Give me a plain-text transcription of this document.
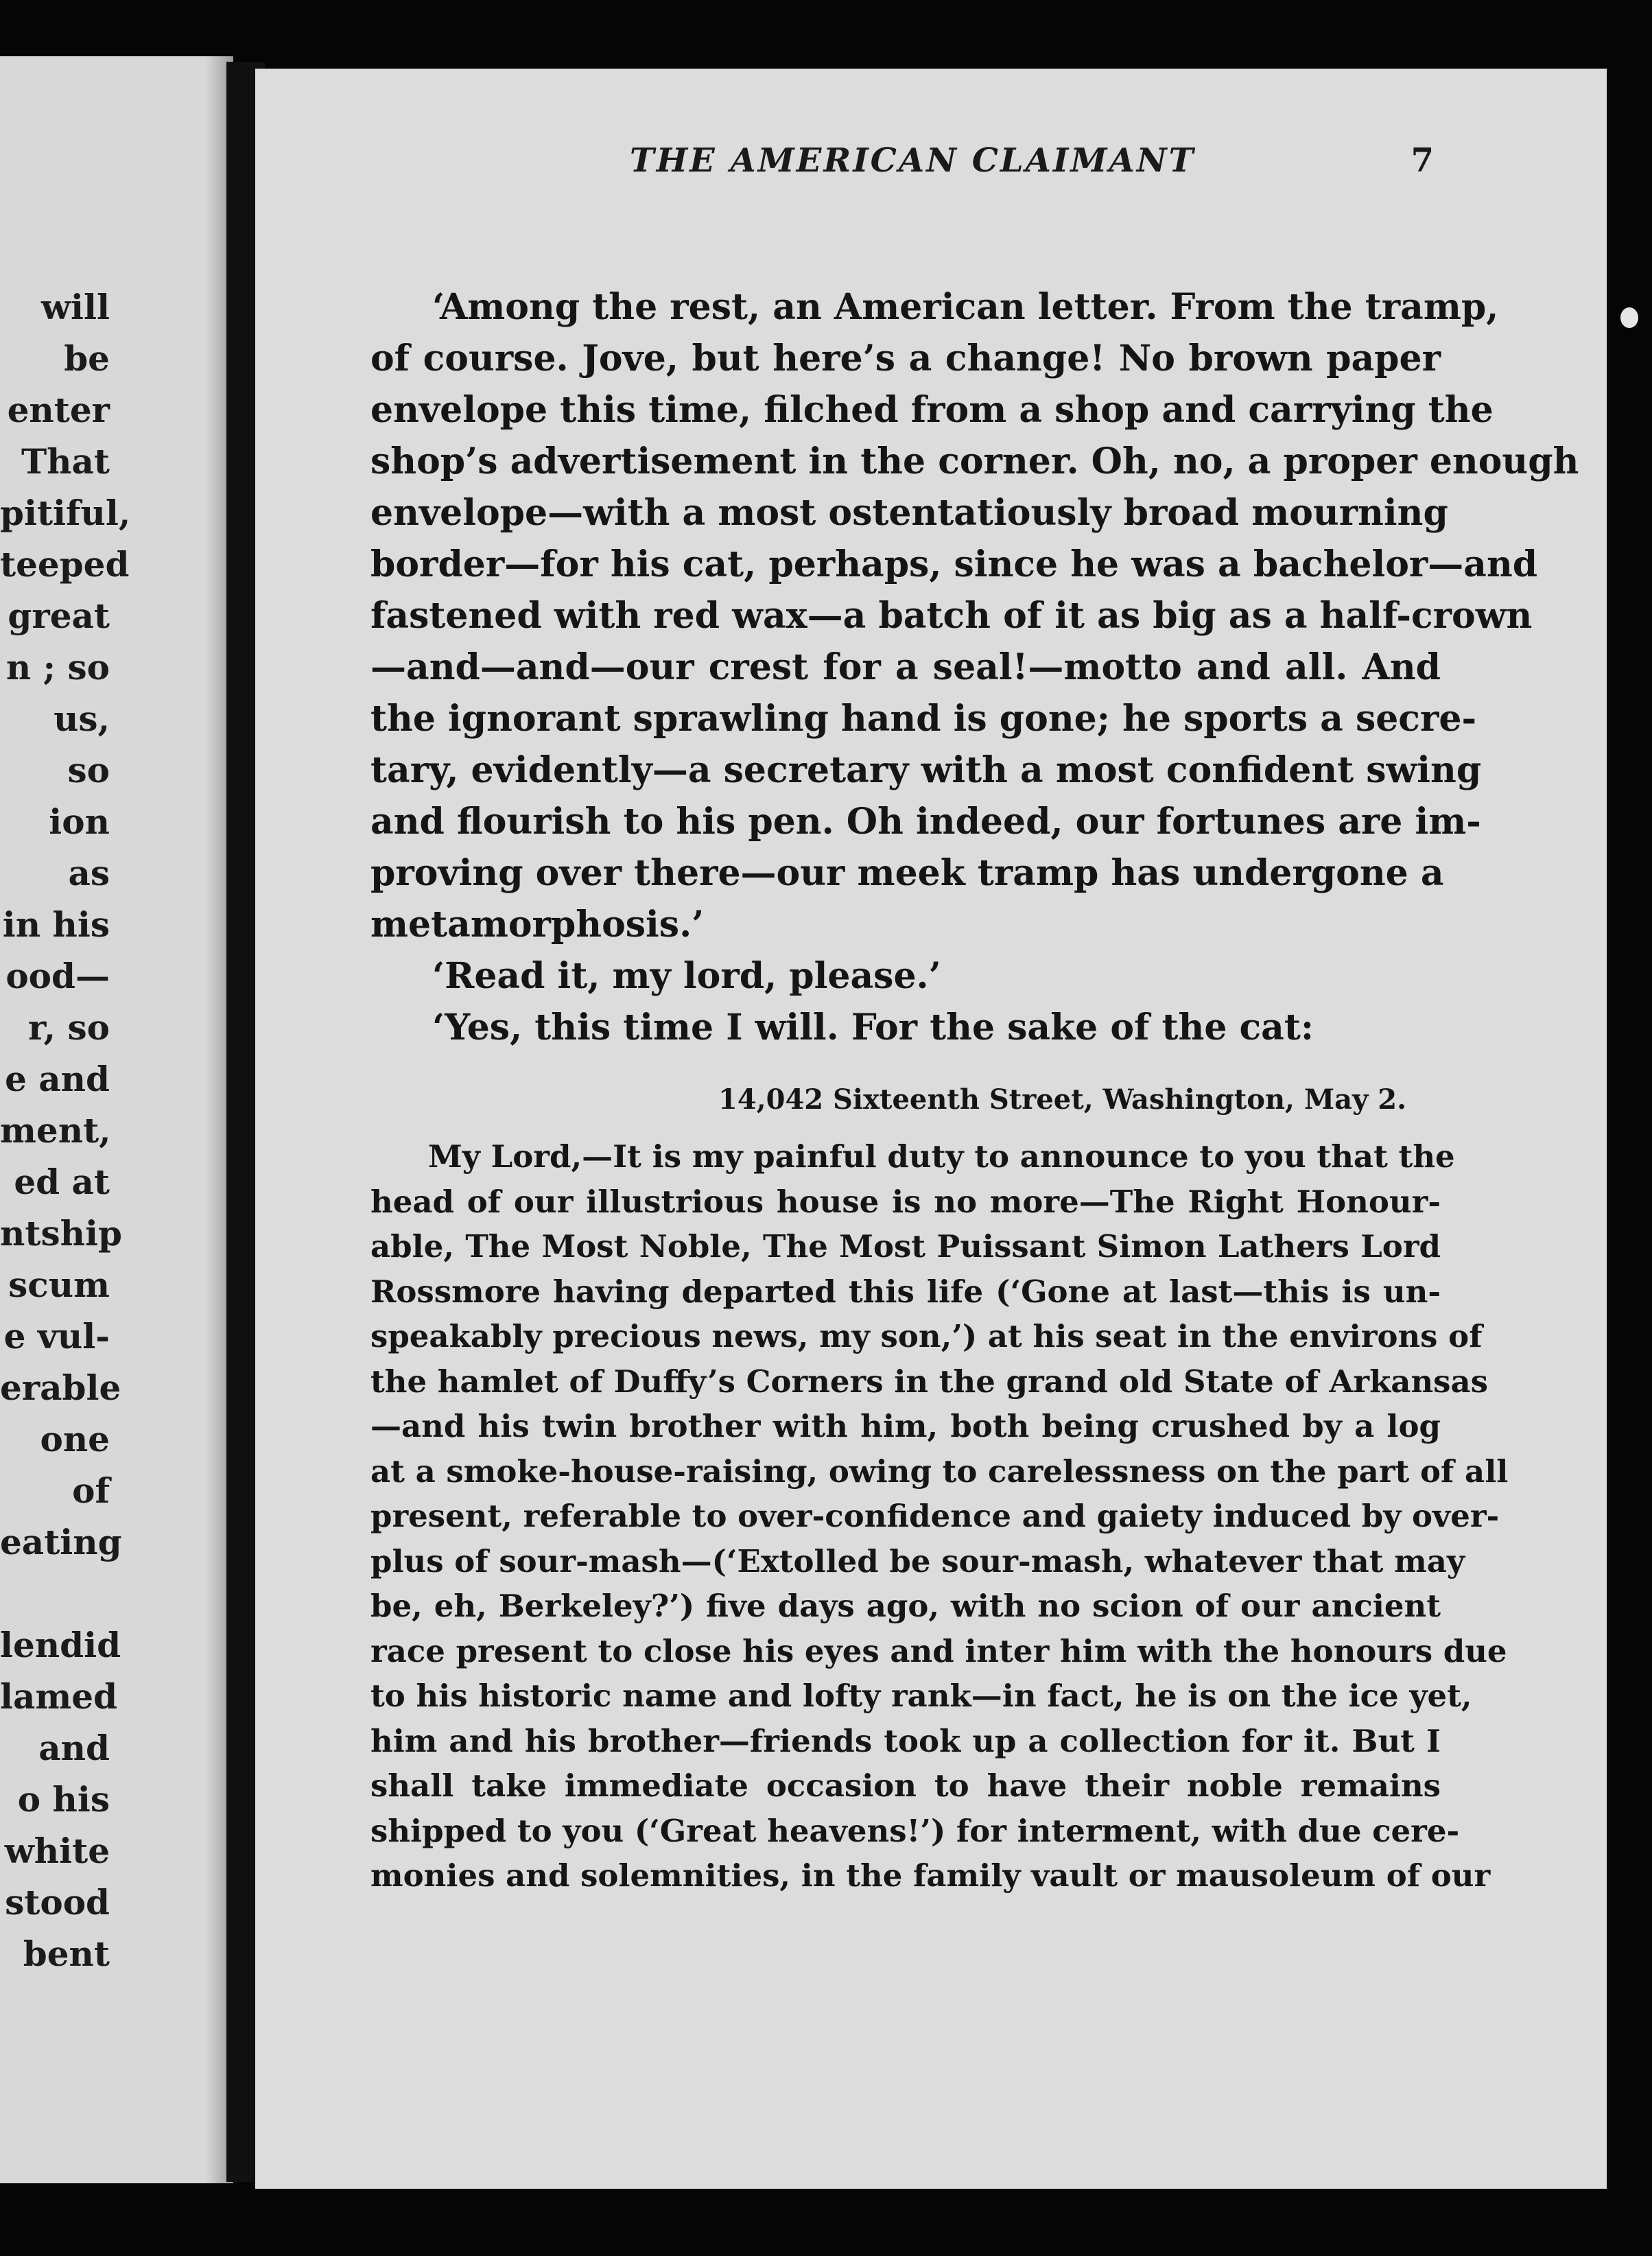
will be
enter
That
pitiful,
teeped
great
n ; so
us, so
ion as
in his
ood—
r, so
e and
ment,
ed at
ntship
scum
e vul-
erable
one of
eating
lendid
lamed
and
o his
white
stood
bent
THE AMERICAN CLAIMANT	7
‘Among the rest, an American letter. From the tramp,
of course. Jove, but here’s a change! No brown paper
envelope this time, filched from a shop and carrying the
shop’s advertisement in the corner. Oh, no, a proper enough
envelope—with a most ostentatiously broad mourning
border—for his cat, perhaps, since he was a bachelor—and
fastened with red wax—a batch of it as big as a half-crown
—and—and—our crest for a seal!—motto and all. And
the ignorant sprawling hand is gone; he sports a secre-
tary, evidently—a secretary with a most confident swing
and flourish to his pen. Oh indeed, our fortunes are im-
proving over there—our meek tramp has undergone a
metamorphosis.’
‘Read it, my lord, please.’
‘Yes, this time I will. For the sake of the cat:
14,042 Sixteenth Street, Washington, May 2.
My Lord,—It is my painful duty to announce to you that the
head of our illustrious house is no more—The Right Honour-
able, The Most Noble, The Most Puissant Simon Lathers Lord
Rossmore having departed this life (‘Gone at last—this is un-
speakably precious news, my son,’) at his seat in the environs of
the hamlet of Duffy’s Corners in the grand old State of Arkansas
—and his twin brother with him, both being crushed by a log
at a smoke-house-raising, owing to carelessness on the part of all
present, referable to over-confidence and gaiety induced by over-
plus of sour-mash—(‘Extolled be sour-mash, whatever that may
be, eh, Berkeley?’) five days ago, with no scion of our ancient
race present to close his eyes and inter him with the honours due
to his historic name and lofty rank—in fact, he is on the ice yet,
him and his brother—friends took up a collection for it. But I
shall take immediate occasion to have their noble remains
shipped to you (‘Great heavens!’) for interment, with due cere-
monies and solemnities, in the family vault or mausoleum of our
